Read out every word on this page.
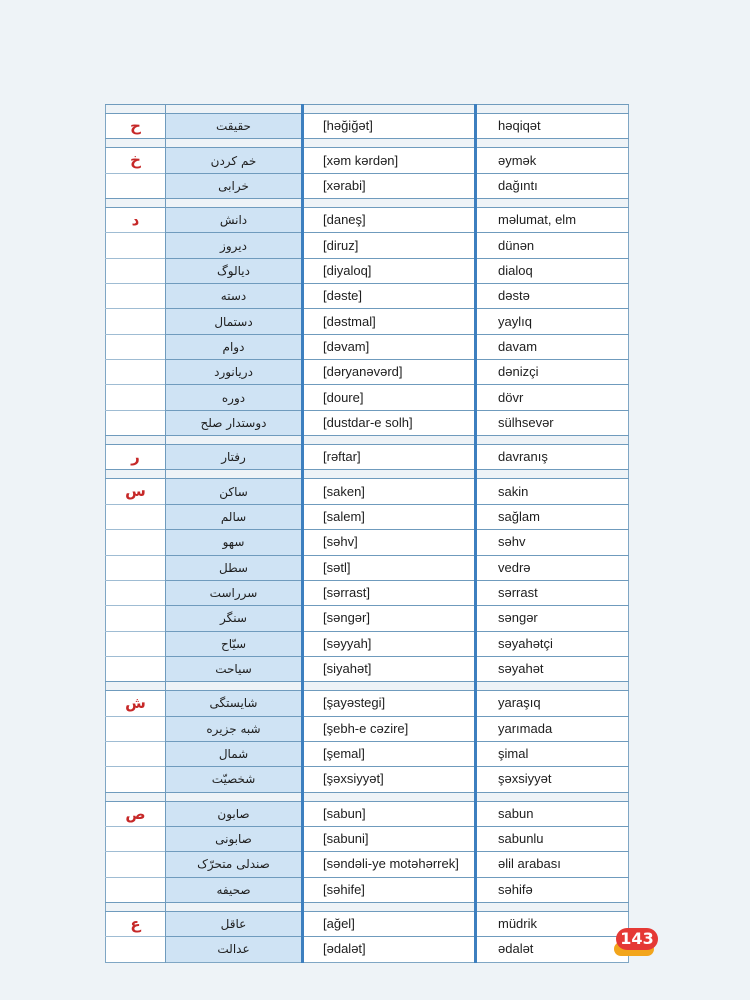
ح	حقیقت	[həğiğət]	həqiqət

خ	خم کردن	[xəm kərdən]	əymək
	خرابی	[xərabi]	dağıntı

د	دانش	[daneş]	məlumat, elm
	دیروز	[diruz]	dünən
	دیالوگ	[diyaloq]	dialoq
	دسته	[dəste]	dəstə
	دستمال	[dəstmal]	yaylıq
	دوام	[dəvam]	davam
	دریانورد	[dəryanəvərd]	dənizçi
	دوره	[doure]	dövr
	دوستدار صلح	[dustdar-e solh]	sülhsevər

ر	رفتار	[rəftar]	davranış

س	ساکن	[saken]	sakin
	سالم	[salem]	sağlam
	سهو	[səhv]	səhv
	سطل	[sətl]	vedrə
	سرراست	[sərrast]	sərrast
	سنگر	[səngər]	səngər
	سیّاح	[səyyah]	səyahətçi
	سیاحت	[siyahət]	səyahət

ش	شایستگی	[şayəstegi]	yaraşıq
	شبه جزیره	[şebh-e cəzire]	yarımada
	شمال	[şemal]	şimal
	شخصیّت	[şəxsiyyət]	şəxsiyyət

ص	صابون	[sabun]	sabun
	صابونی	[sabuni]	sabunlu
	صندلی متحرّک	[səndəli-ye motəhərrek]	əlil arabası
	صحیفه	[səhife]	səhifə

ع	عاقل	[ağel]	müdrik
	عدالت	[ədalət]	ədalət
143
